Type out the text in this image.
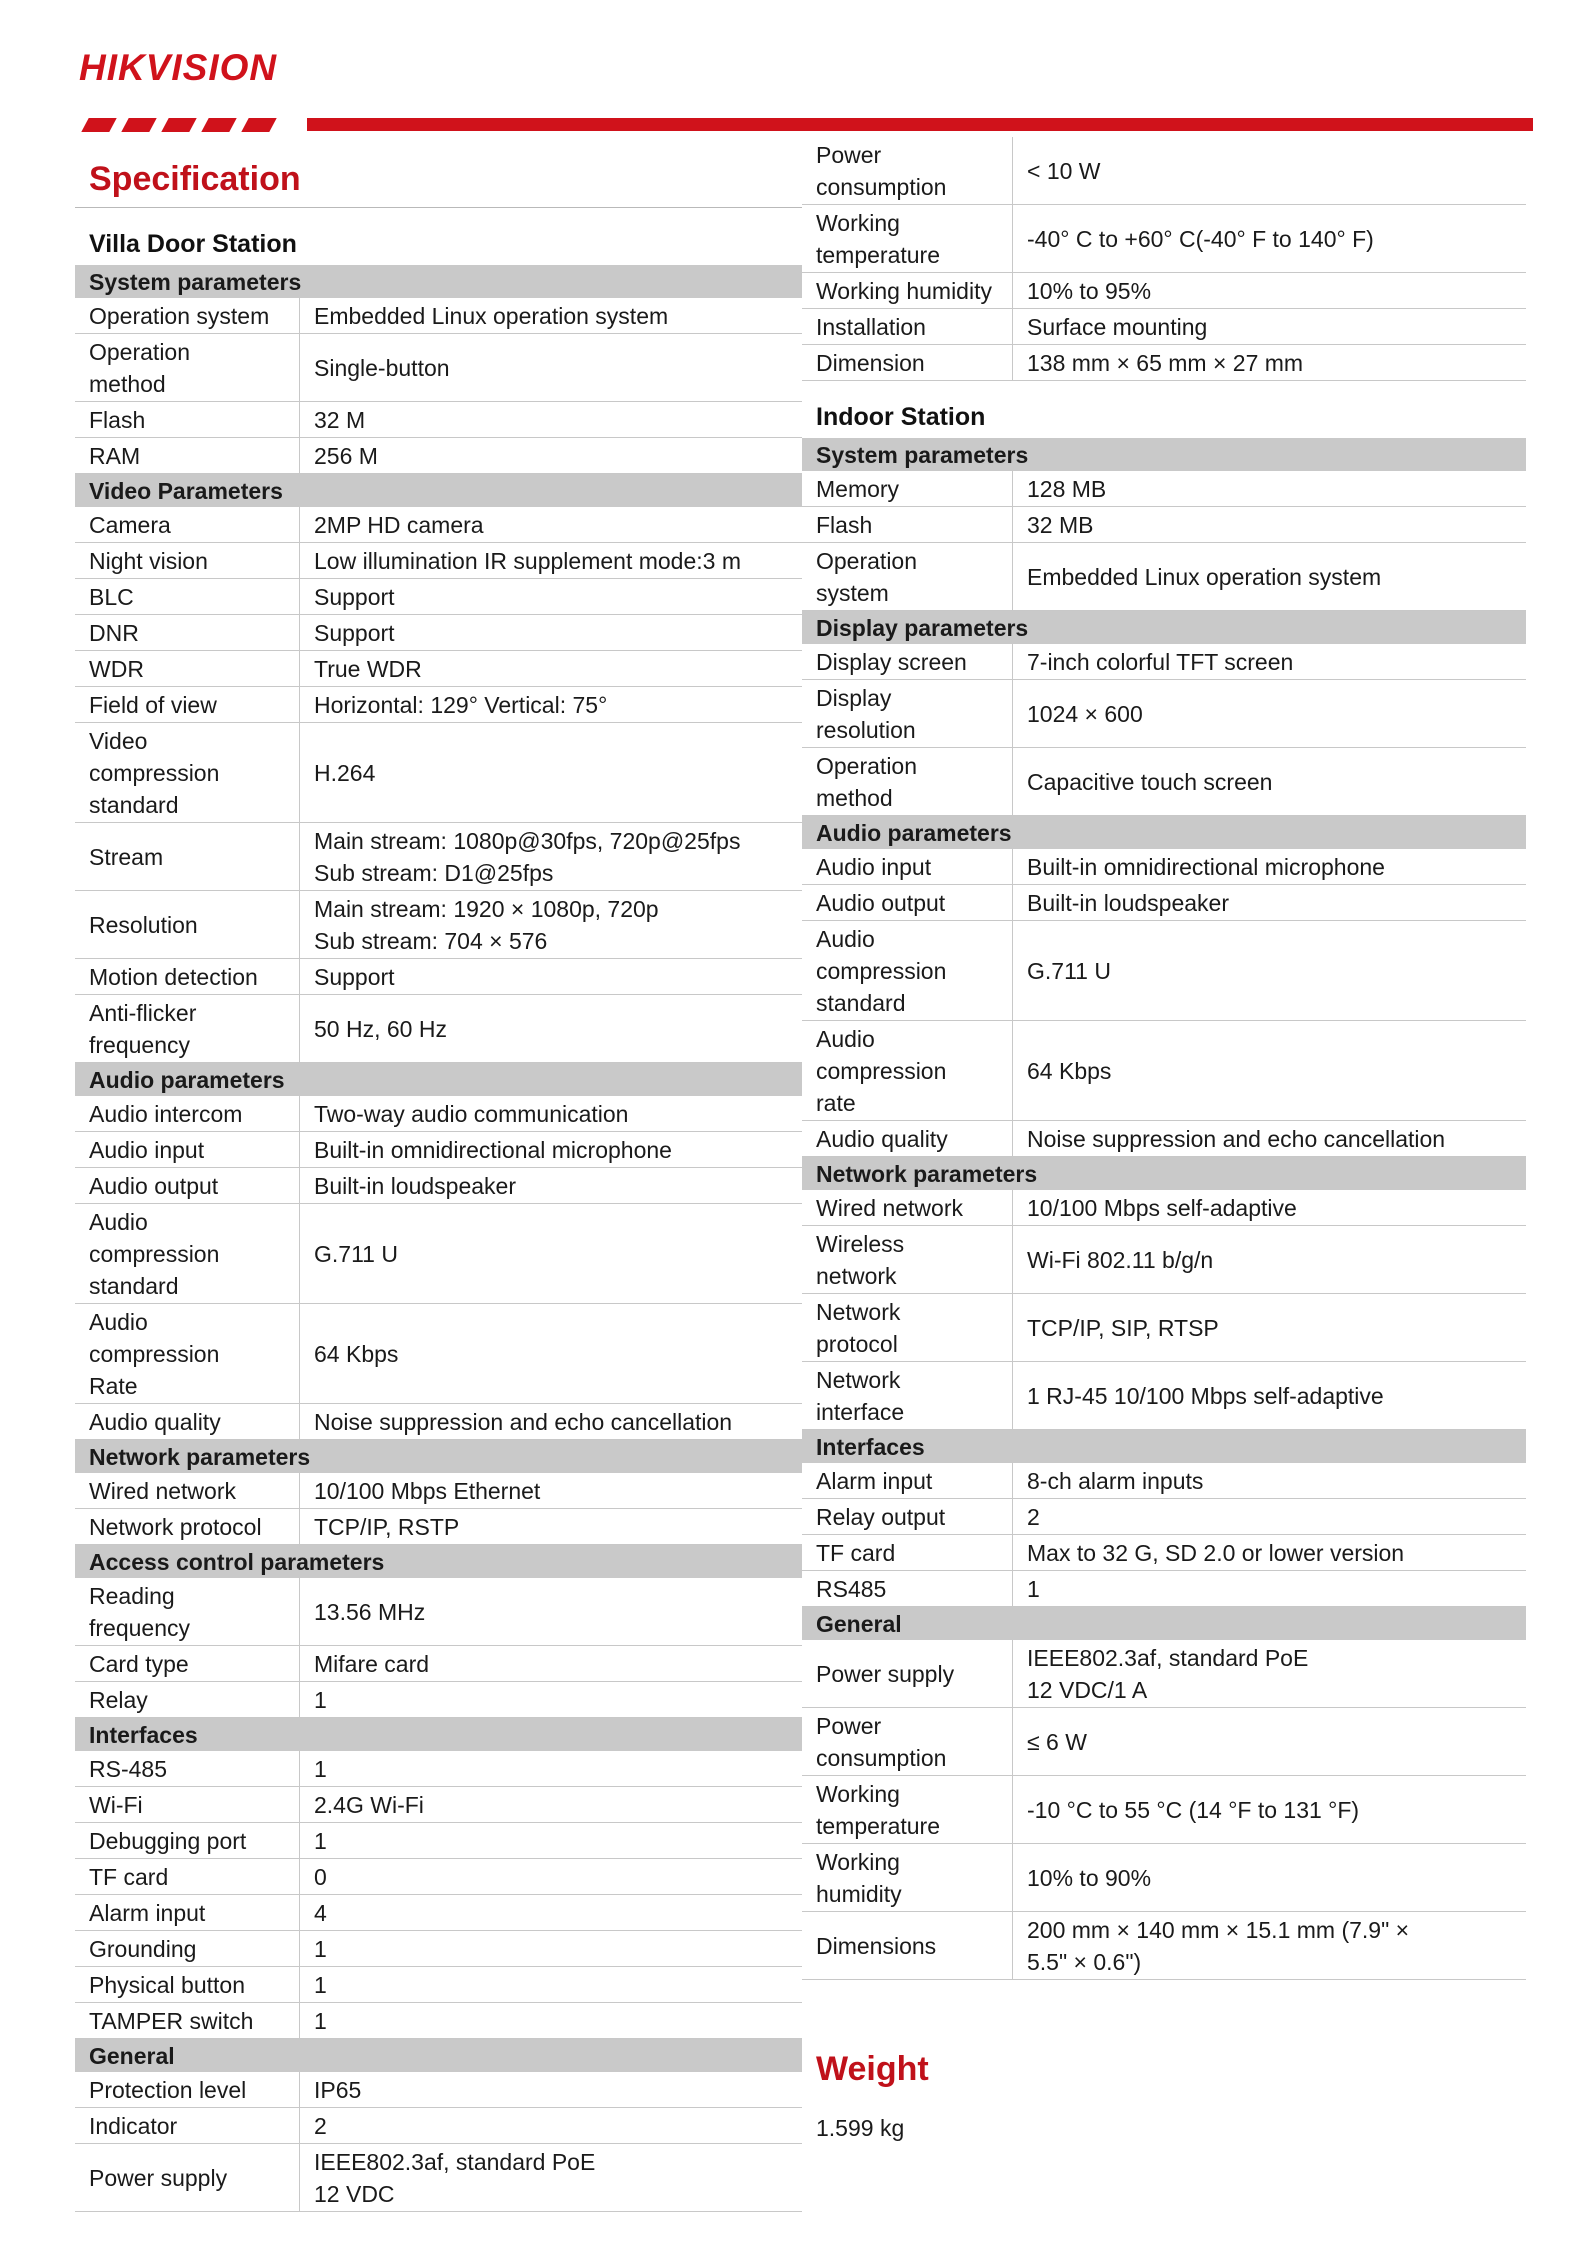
HIKVISION
Specification
Villa Door Station
System parameters	
Operation system	Embedded Linux operation system
Operation
method	Single-button
Flash	32 M
RAM	256 M
Video Parameters	
Camera	2MP HD camera
Night vision	Low illumination IR supplement mode:3 m
BLC	Support
DNR	Support
WDR	True WDR
Field of view	Horizontal: 129° Vertical: 75°
Video
compression
standard	H.264
Stream	Main stream: 1080p@30fps, 720p@25fps
Sub stream: D1@25fps
Resolution	Main stream: 1920 × 1080p, 720p
Sub stream: 704 × 576
Motion detection	Support
Anti-flicker
frequency	50 Hz, 60 Hz
Audio parameters	
Audio intercom	Two-way audio communication
Audio input	Built-in omnidirectional microphone
Audio output	Built-in loudspeaker
Audio
compression
standard	G.711 U
Audio
compression
Rate	64 Kbps
Audio quality	Noise suppression and echo cancellation
Network parameters	
Wired network	10/100 Mbps Ethernet
Network protocol	TCP/IP, RSTP
Access control parameters	
Reading
frequency	13.56 MHz
Card type	Mifare card
Relay	1
Interfaces	
RS-485	1
Wi-Fi	2.4G Wi-Fi
Debugging port	1
TF card	0
Alarm input	4
Grounding	1
Physical button	1
TAMPER switch	1
General	
Protection level	IP65
Indicator	2
Power supply	IEEE802.3af, standard PoE
12 VDC
Power
consumption	< 10 W
Working
temperature	-40° C to +60° C(-40° F to 140° F)
Working humidity	10% to 95%
Installation	Surface mounting
Dimension	138 mm × 65 mm × 27 mm
Indoor Station
System parameters	
Memory	128 MB
Flash	32 MB
Operation
system	Embedded Linux operation system
Display parameters	
Display screen	7-inch colorful TFT screen
Display
resolution	1024 × 600
Operation
method	Capacitive touch screen
Audio parameters	
Audio input	Built-in omnidirectional microphone
Audio output	Built-in loudspeaker
Audio
compression
standard	G.711 U
Audio
compression
rate	64 Kbps
Audio quality	Noise suppression and echo cancellation
Network parameters	
Wired network	10/100 Mbps self-adaptive
Wireless
network	Wi-Fi 802.11 b/g/n
Network
protocol	TCP/IP, SIP, RTSP
Network
interface	1 RJ-45 10/100 Mbps self-adaptive
Interfaces	
Alarm input	8-ch alarm inputs
Relay output	2
TF card	Max to 32 G, SD 2.0 or lower version
RS485	1
General	
Power supply	IEEE802.3af, standard PoE
12 VDC/1 A
Power
consumption	≤ 6 W
Working
temperature	-10 °C to 55 °C (14 °F to 131 °F)
Working
humidity	10% to 90%
Dimensions	200 mm × 140 mm × 15.1 mm (7.9" ×
5.5" × 0.6")
Weight
1.599 kg
